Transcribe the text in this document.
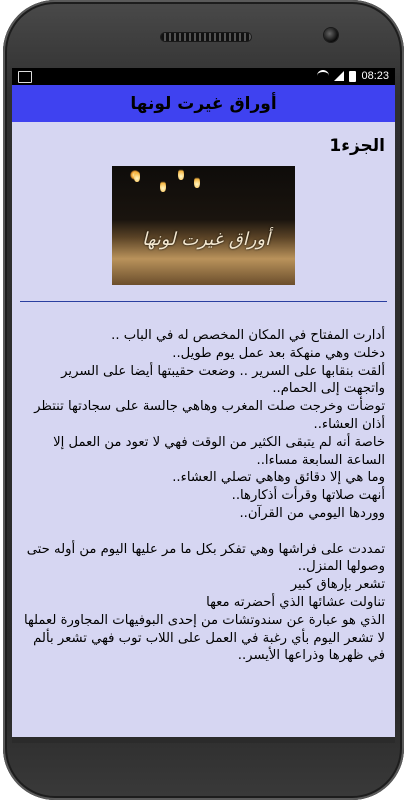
08:23
أوراق غيرت لونها
الجزء1
أوراق غيرت لونها
أدارت المفتاح في المكان المخصص له في الباب ..
دخلت وهي منهكة بعد عمل يوم طويل..
ألقت بنقابها على السرير .. وضعت حقيبتها أيضا على السرير
واتجهت إلى الحمام..
توضأت وخرجت صلت المغرب وهاهي جالسة على سجادتها تنتظر أذان العشاء..
خاصة أنه لم يتبقى الكثير من الوقت فهي لا تعود من العمل إلا الساعة السابعة مساءا..
وما هي إلا دقائق وهاهي تصلي العشاء..
أنهت صلاتها وقرأت أذكارها..
ووردها اليومي من القرآن..

تمددت على فراشها وهي تفكر بكل ما مر عليها اليوم من أوله حتى وصولها المنزل..
تشعر بإرهاق كبير
تناولت عشائها الذي أحضرته معها
الذي هو عبارة عن سندوتشات من إحدى البوفيهات المجاورة لعملها
لا تشعر اليوم بأي رغبة في العمل على اللاب توب فهي تشعر بألم في ظهرها وذراعها الأيسر..
